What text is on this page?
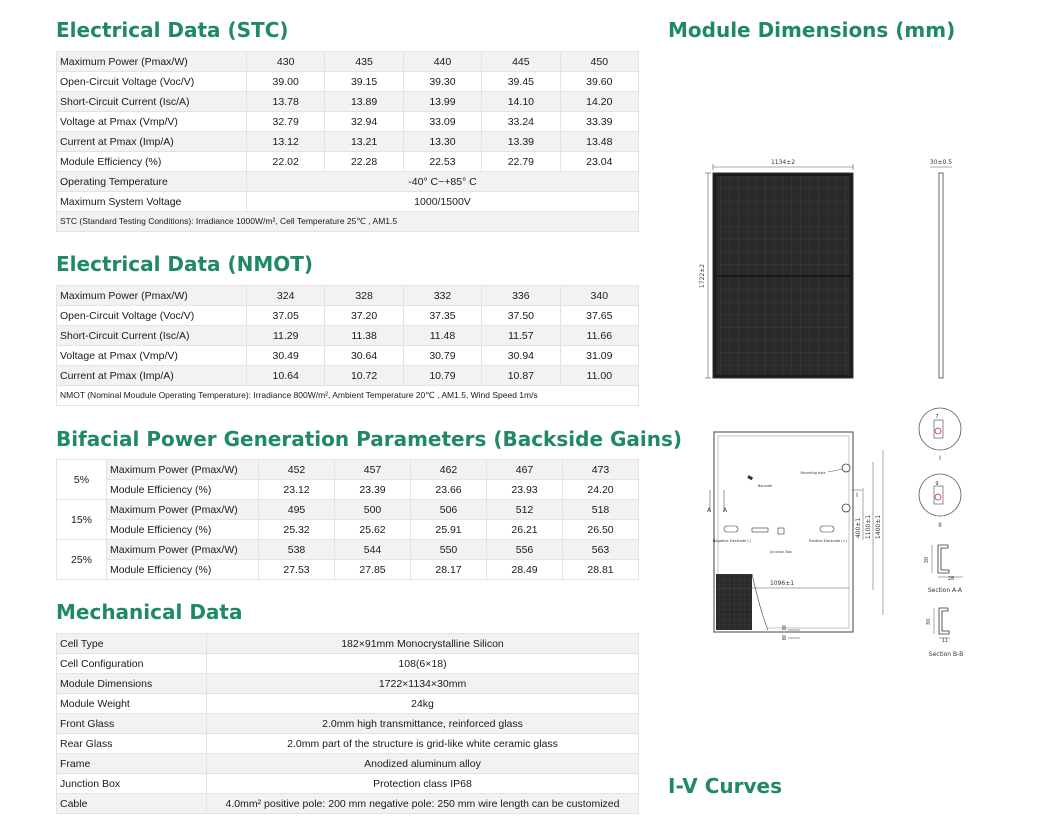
Electrical Data (STC)
Electrical Data (NMOT)
Bifacial Power Generation Parameters (Backside Gains)
Mechanical Data
Module Dimensions (mm)
I-V Curves
Maximum Power (Pmax/W)	430	435	440	445	450
Open-Circuit Voltage (Voc/V)	39.00	39.15	39.30	39.45	39.60
Short-Circuit Current (Isc/A)	13.78	13.89	13.99	14.10	14.20
Voltage at Pmax (Vmp/V)	32.79	32.94	33.09	33.24	33.39
Current at Pmax (Imp/A)	13.12	13.21	13.30	13.39	13.48
Module Efficiency (%)	22.02	22.28	22.53	22.79	23.04
Operating Temperature	-40° C~+85° C				
Maximum System Voltage	1000/1500V				
STC (Standard Testing Conditions): Irradiance 1000W/m², Cell Temperature 25℃ , AM1.5					
Maximum Power (Pmax/W)	324	328	332	336	340
Open-Circuit Voltage (Voc/V)	37.05	37.20	37.35	37.50	37.65
Short-Circuit Current (Isc/A)	11.29	11.38	11.48	11.57	11.66
Voltage at Pmax (Vmp/V)	30.49	30.64	30.79	30.94	31.09
Current at Pmax (Imp/A)	10.64	10.72	10.79	10.87	11.00
NMOT (Nominal Moudule Operating Temperature): Irradiance 800W/m², Ambient Temperature 20℃ , AM1.5, Wind Speed 1m/s					
5%	Maximum Power (Pmax/W)	452	457	462	467	473
	Module Efficiency (%)	23.12	23.39	23.66	23.93	24.20
15%	Maximum Power (Pmax/W)	495	500	506	512	518
	Module Efficiency (%)	25.32	25.62	25.91	26.21	26.50
25%	Maximum Power (Pmax/W)	538	544	550	556	563
	Module Efficiency (%)	27.53	27.85	28.17	28.49	28.81
Cell Type	182×91mm Monocrystalline Silicon
Cell Configuration	108(6×18)
Module Dimensions	1722×1134×30mm
Module Weight	24kg
Front Glass	2.0mm high transmittance, reinforced glass
Rear Glass	2.0mm part of the structure is grid-like white ceramic glass
Frame	Anodized aluminum alloy
Junction Box	Protection class IP68
Cable	4.0mm² positive pole: 200 mm negative pole: 250 mm wire length can be customized
1134±2
1722±2
30±0.5
Mounting hole
Barcode
Negative Electrode (-)
Junction Box
Positive Electrode (+)
1096±1
400±1 1100±1 1400±1
A A
B
B
I
7
I
9
II
30
28
Section A-A
30
11
Section B-B
